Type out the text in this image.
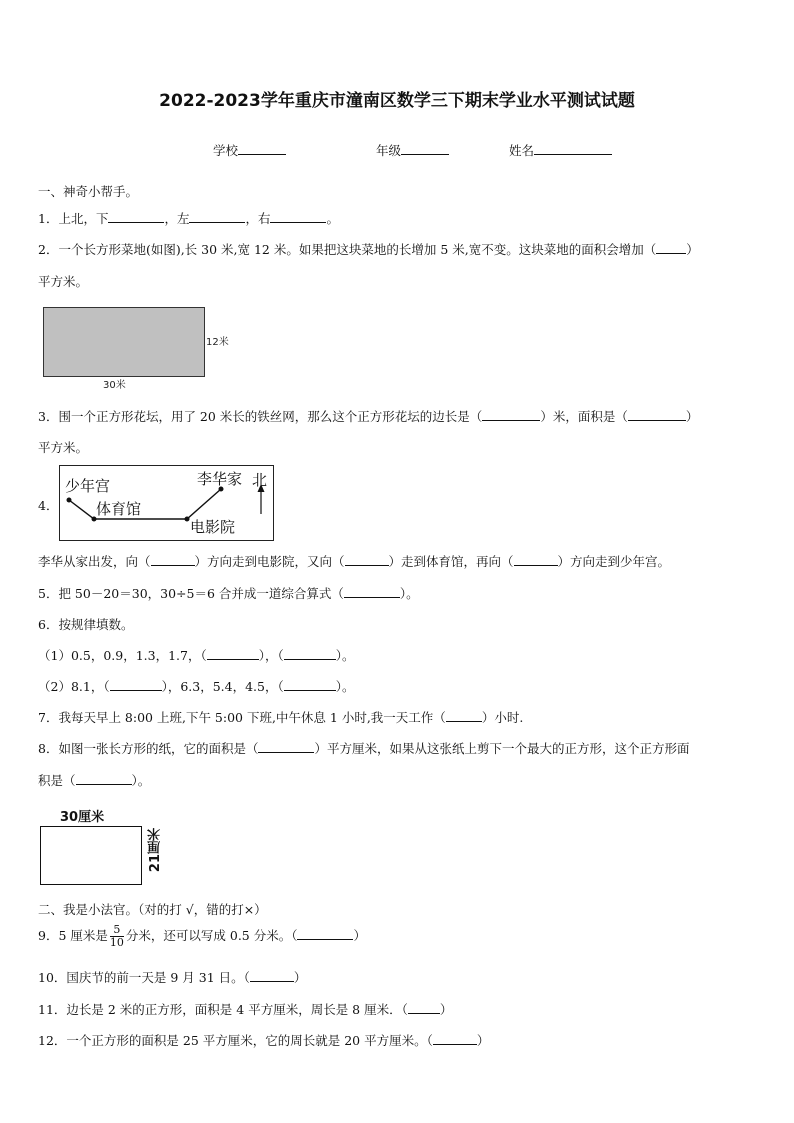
2022-2023学年重庆市潼南区数学三下期末学业水平测试试题
学校	年级	姓名
一、神奇小帮手。
1．上北，下	，左	，右	。
2．一个长方形菜地(如图),长 30 米,宽 12 米。如果把这块菜地的长增加 5 米,宽不变。这块菜地的面积会增加（ ）
平方米。
12米
30米
3．围一个正方形花坛，用了 20 米长的铁丝网，那么这个正方形花坛的边长是（	）米，面积是（	）
平方米。
4．
少年宫
体育馆
李华家
电影院
北
李华从家出发，向（	）方向走到电影院，又向（	）走到体育馆，再向（	）方向走到少年宫。
5．把 50－20＝30，30÷5＝6 合并成一道综合算式（	）。
6．按规律填数。
（1）0.5，0.9，1.3，1.7，（	），（	）。
（2）8.1，（	），6.3，5.4，4.5，（	）。
7．我每天早上 8:00 上班,下午 5:00 下班,中午休息 1 小时,我一天工作（	）小时.
8．如图一张长方形的纸，它的面积是（	）平方厘米，如果从这张纸上剪下一个最大的正方形，这个正方形面
积是（	）。
30厘米
21厘米
二、我是小法官。（对的打 √，错的打×）
9．5 厘米是 $\frac{5}{10}$ 分米，还可以写成 0.5 分米。（	）
10．国庆节的前一天是 9 月 31 日。（	）
11．边长是 2 米的正方形，面积是 4 平方厘米，周长是 8 厘米．（	）
12．一个正方形的面积是 25 平方厘米，它的周长就是 20 平方厘米。（	）
